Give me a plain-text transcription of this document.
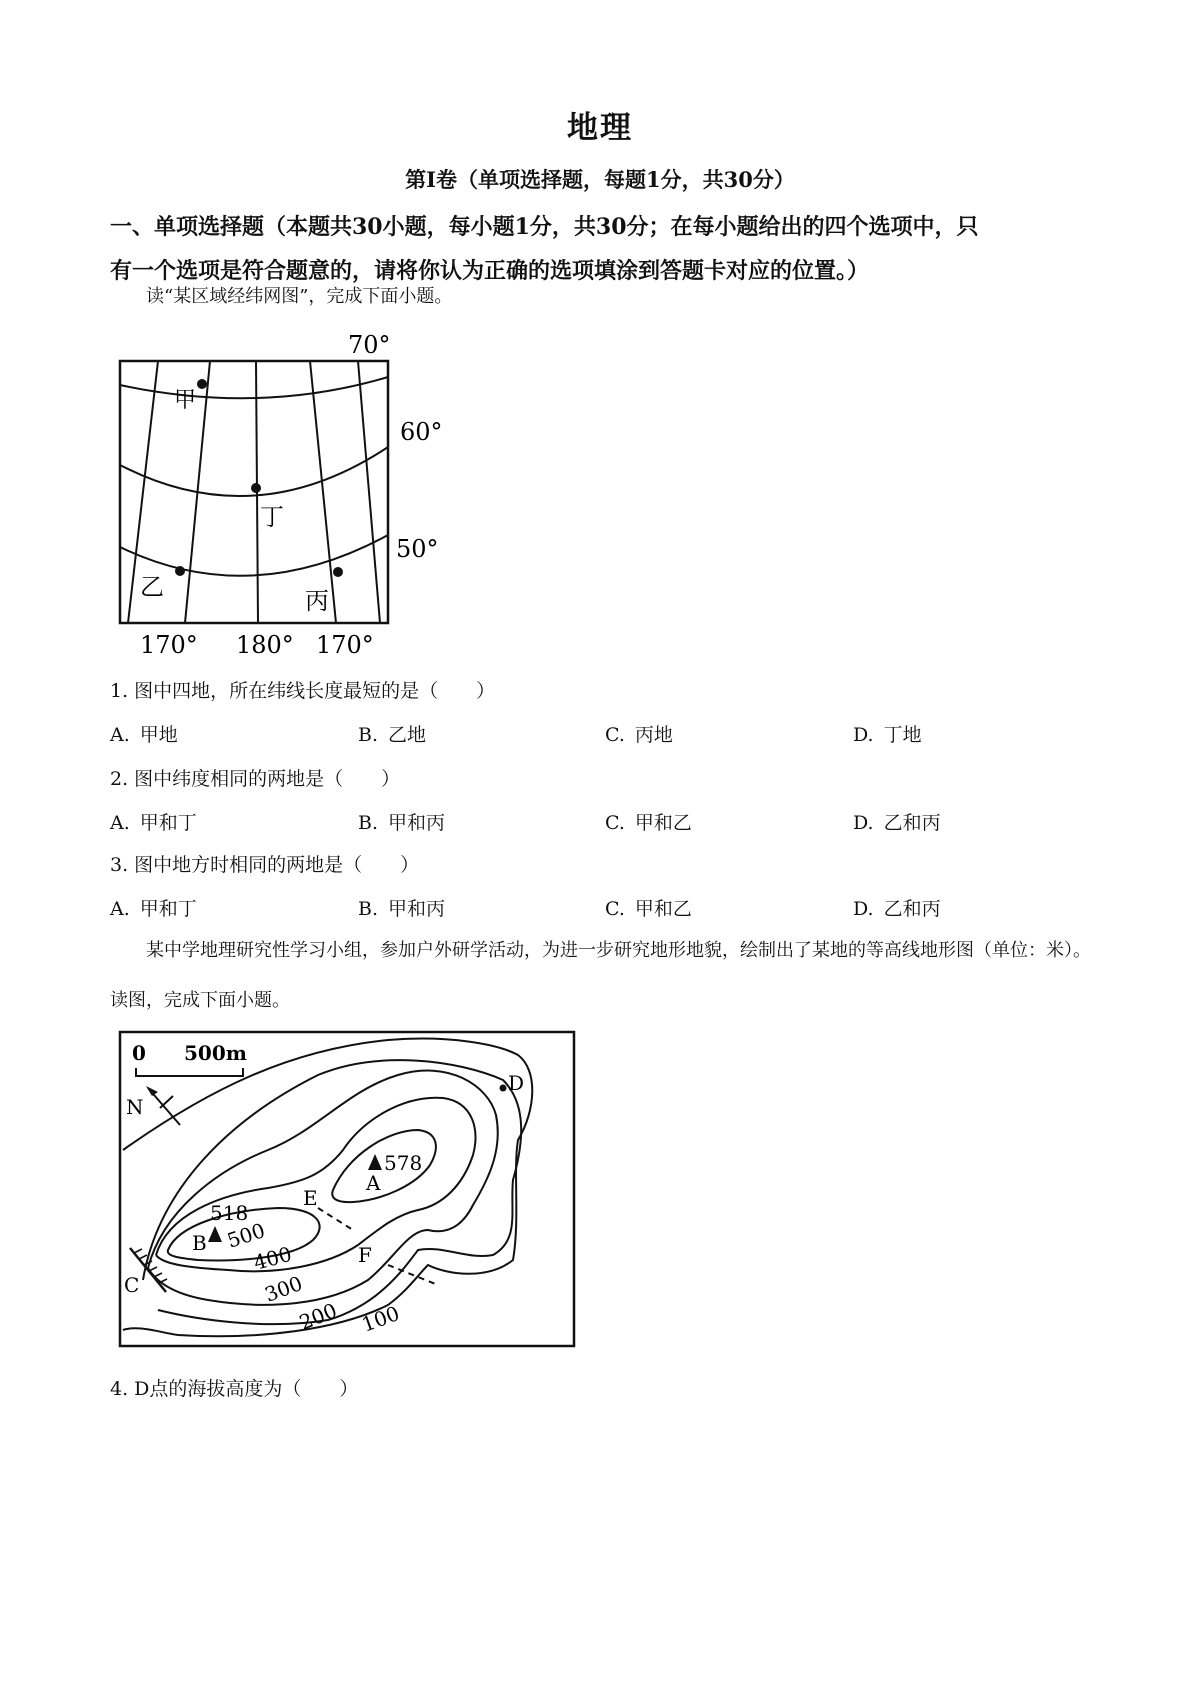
地理
第Ⅰ卷（单项选择题，每题1分，共30分）
一、单项选择题（本题共30小题，每小题1分，共30分；在每小题给出的四个选项中，只
有一个选项是符合题意的，请将你认为正确的选项填涂到答题卡对应的位置。）
读“某区域经纬网图”，完成下面小题。
甲
丁
乙	丙
70°
60°
50°
170° 180° 170°
1. 图中四地，所在纬线长度最短的是（　　）
A. 甲地	B. 乙地	C. 丙地	D. 丁地
2. 图中纬度相同的两地是（　　）
A. 甲和丁	B. 甲和丙	C. 甲和乙	D. 乙和丙
3. 图中地方时相同的两地是（　　）
A. 甲和丁	B. 甲和丙	C. 甲和乙	D. 乙和丙
某中学地理研究性学习小组，参加户外研学活动，为进一步研究地形地貌，绘制出了某地的等高线地形图（单位：米）。读图，完成下面小题。
0 500m
N
578
A
518
B
C
D
E
F
500
400
300
200 100
4. D点的海拔高度为（　　）
